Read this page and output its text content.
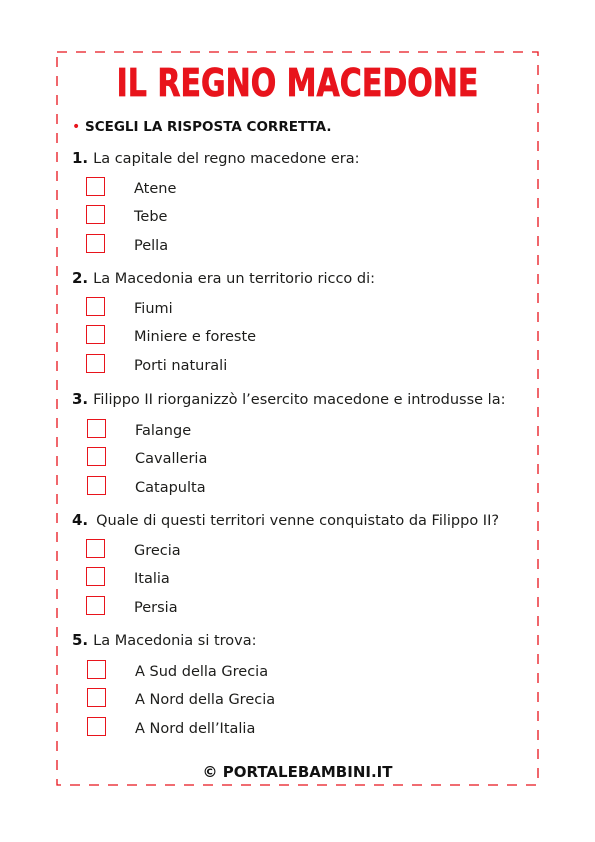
IL REGNO MACEDONE
• SCEGLI LA RISPOSTA CORRETTA.
1. La capitale del regno macedone era:
Atene
Tebe
Pella
2. La Macedonia era un territorio ricco di:
Fiumi
Miniere e foreste
Porti naturali
3. Filippo II riorganizzò l’esercito macedone e introdusse la:
Falange
Cavalleria
Catapulta
4. Quale di questi territori venne conquistato da Filippo II?
Grecia
Italia
Persia
5. La Macedonia si trova:
A Sud della Grecia
A Nord della Grecia
A Nord dell’Italia
© PORTALEBAMBINI.IT
